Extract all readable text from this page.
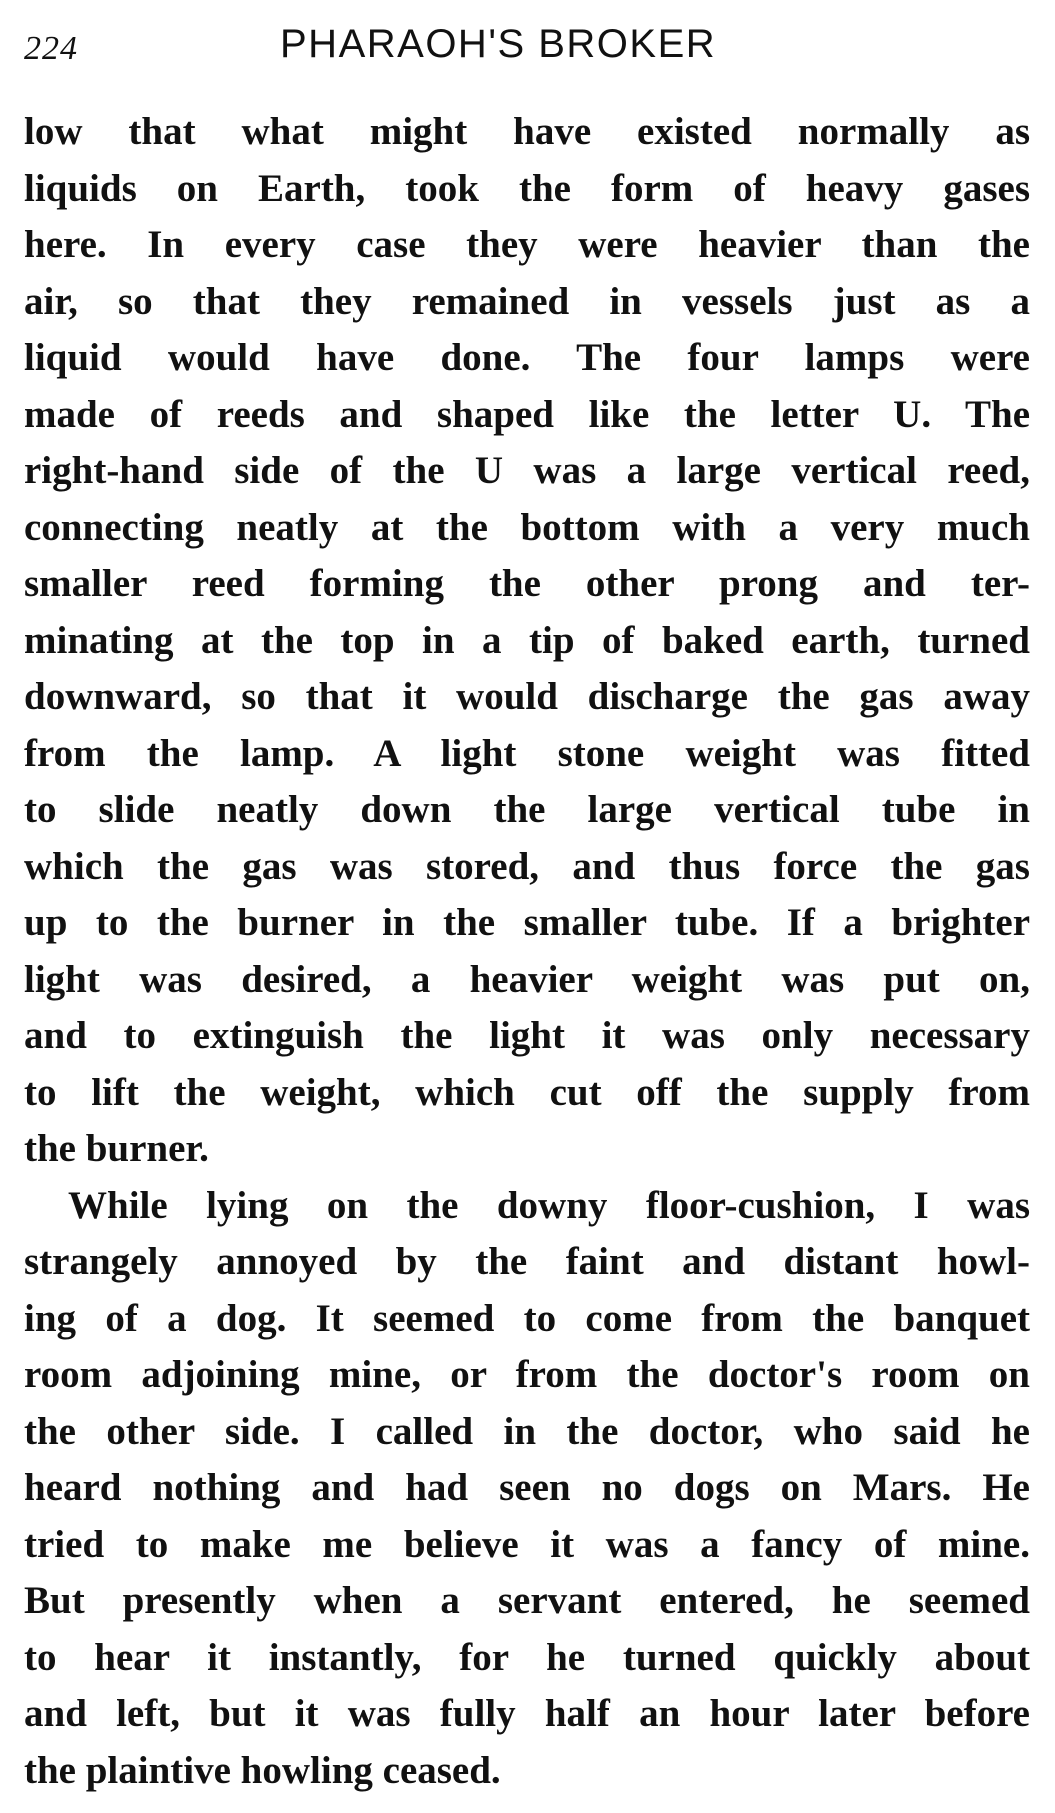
224	PHARAOH'S BROKER
low that what might have existed normally as
liquids on Earth, took the form of heavy gases
here. In every case they were heavier than the
air, so that they remained in vessels just as a
liquid would have done. The four lamps were
made of reeds and shaped like the letter U. The
right-hand side of the U was a large vertical reed,
connecting neatly at the bottom with a very much
smaller reed forming the other prong and ter-
minating at the top in a tip of baked earth, turned
downward, so that it would discharge the gas away
from the lamp. A light stone weight was fitted
to slide neatly down the large vertical tube in
which the gas was stored, and thus force the gas
up to the burner in the smaller tube. If a brighter
light was desired, a heavier weight was put on,
and to extinguish the light it was only necessary
to lift the weight, which cut off the supply from
the burner.
While lying on the downy floor-cushion, I was
strangely annoyed by the faint and distant howl-
ing of a dog. It seemed to come from the banquet
room adjoining mine, or from the doctor's room on
the other side. I called in the doctor, who said he
heard nothing and had seen no dogs on Mars. He
tried to make me believe it was a fancy of mine.
But presently when a servant entered, he seemed
to hear it instantly, for he turned quickly about
and left, but it was fully half an hour later before
the plaintive howling ceased.
